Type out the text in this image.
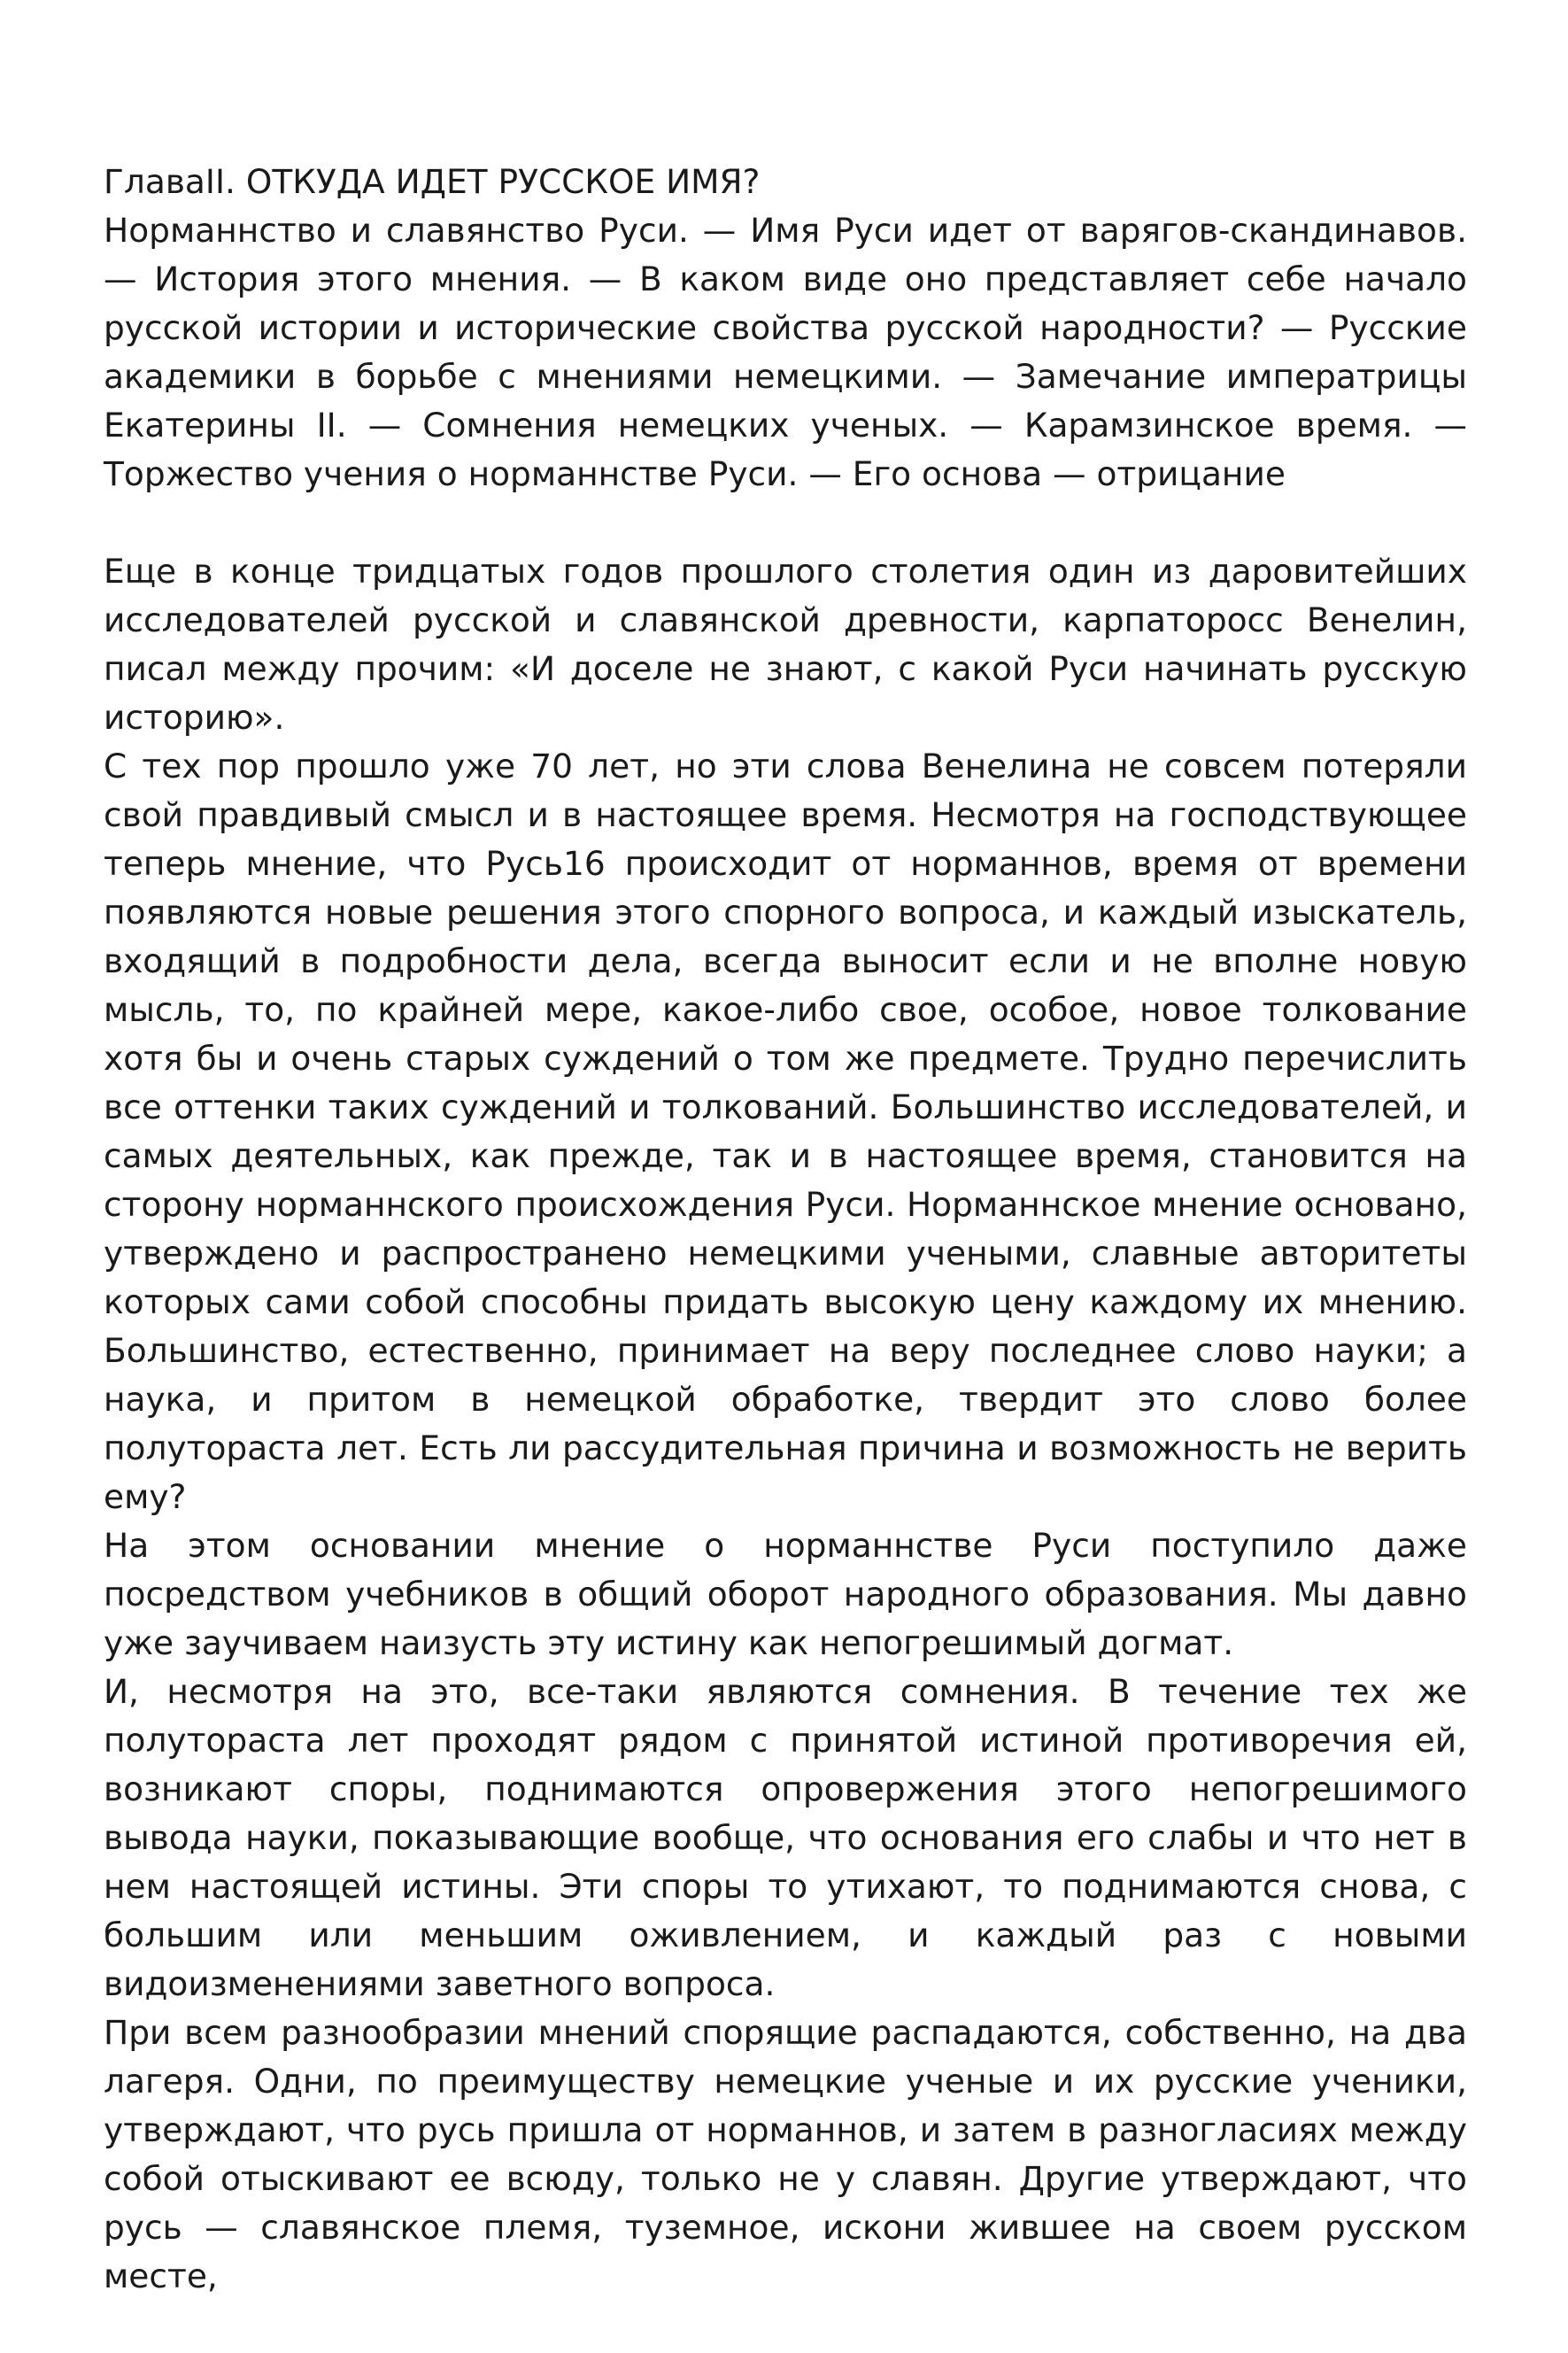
ГлаваII. ОТКУДА ИДЕТ РУССКОЕ ИМЯ?

Норманнство и славянство Руси. — Имя Руси идет от варягов-скандинавов. — История этого мнения. — В каком виде оно представляет себе начало русской истории и исторические свойства русской народности? — Русские академики в борьбе с мнениями немецкими. — Замечание императрицы Екатерины II. — Сомнения немецких ученых. — Карамзинское время. — Торжество учения о норманнстве Руси. — Его основа — отрицание

Еще в конце тридцатых годов прошлого столетия один из даровитейших исследователей русской и славянской древности, карпаторосс Венелин, писал между прочим: «И доселе не знают, с какой Руси начинать русскую историю».

С тех пор прошло уже 70 лет, но эти слова Венелина не совсем потеряли свой правдивый смысл и в настоящее время. Несмотря на господствующее теперь мнение, что Русь16 происходит от норманнов, время от времени появляются новые решения этого спорного вопроса, и каждый изыскатель, входящий в подробности дела, всегда выносит если и не вполне новую мысль, то, по крайней мере, какое-либо свое, особое, новое толкование хотя бы и очень старых суждений о том же предмете. Трудно перечислить все оттенки таких суждений и толкований. Большинство исследователей, и самых деятельных, как прежде, так и в настоящее время, становится на сторону норманнского происхождения Руси. Норманнское мнение основано, утверждено и распространено немецкими учеными, славные авторитеты которых сами собой способны придать высокую цену каждому их мнению. Большинство, естественно, принимает на веру последнее слово науки; а наука, и притом в немецкой обработке, твердит это слово более полутораста лет. Есть ли рассудительная причина и возможность не верить ему?

На этом основании мнение о норманнстве Руси поступило даже посредством учебников в общий оборот народного образования. Мы давно уже заучиваем наизусть эту истину как непогрешимый догмат.

И, несмотря на это, все-таки являются сомнения. В течение тех же полутораста лет проходят рядом с принятой истиной противоречия ей, возникают споры, поднимаются опровержения этого непогрешимого вывода науки, показывающие вообще, что основания его слабы и что нет в нем настоящей истины. Эти споры то утихают, то поднимаются снова, с большим или меньшим оживлением, и каждый раз с новыми видоизменениями заветного вопроса.

При всем разнообразии мнений спорящие распадаются, собственно, на два лагеря. Одни, по преимуществу немецкие ученые и их русские ученики, утверждают, что русь пришла от норманнов, и затем в разногласиях между собой отыскивают ее всюду, только не у славян. Другие утверждают, что русь — славянское племя, туземное, искони жившее на своем русском месте,
